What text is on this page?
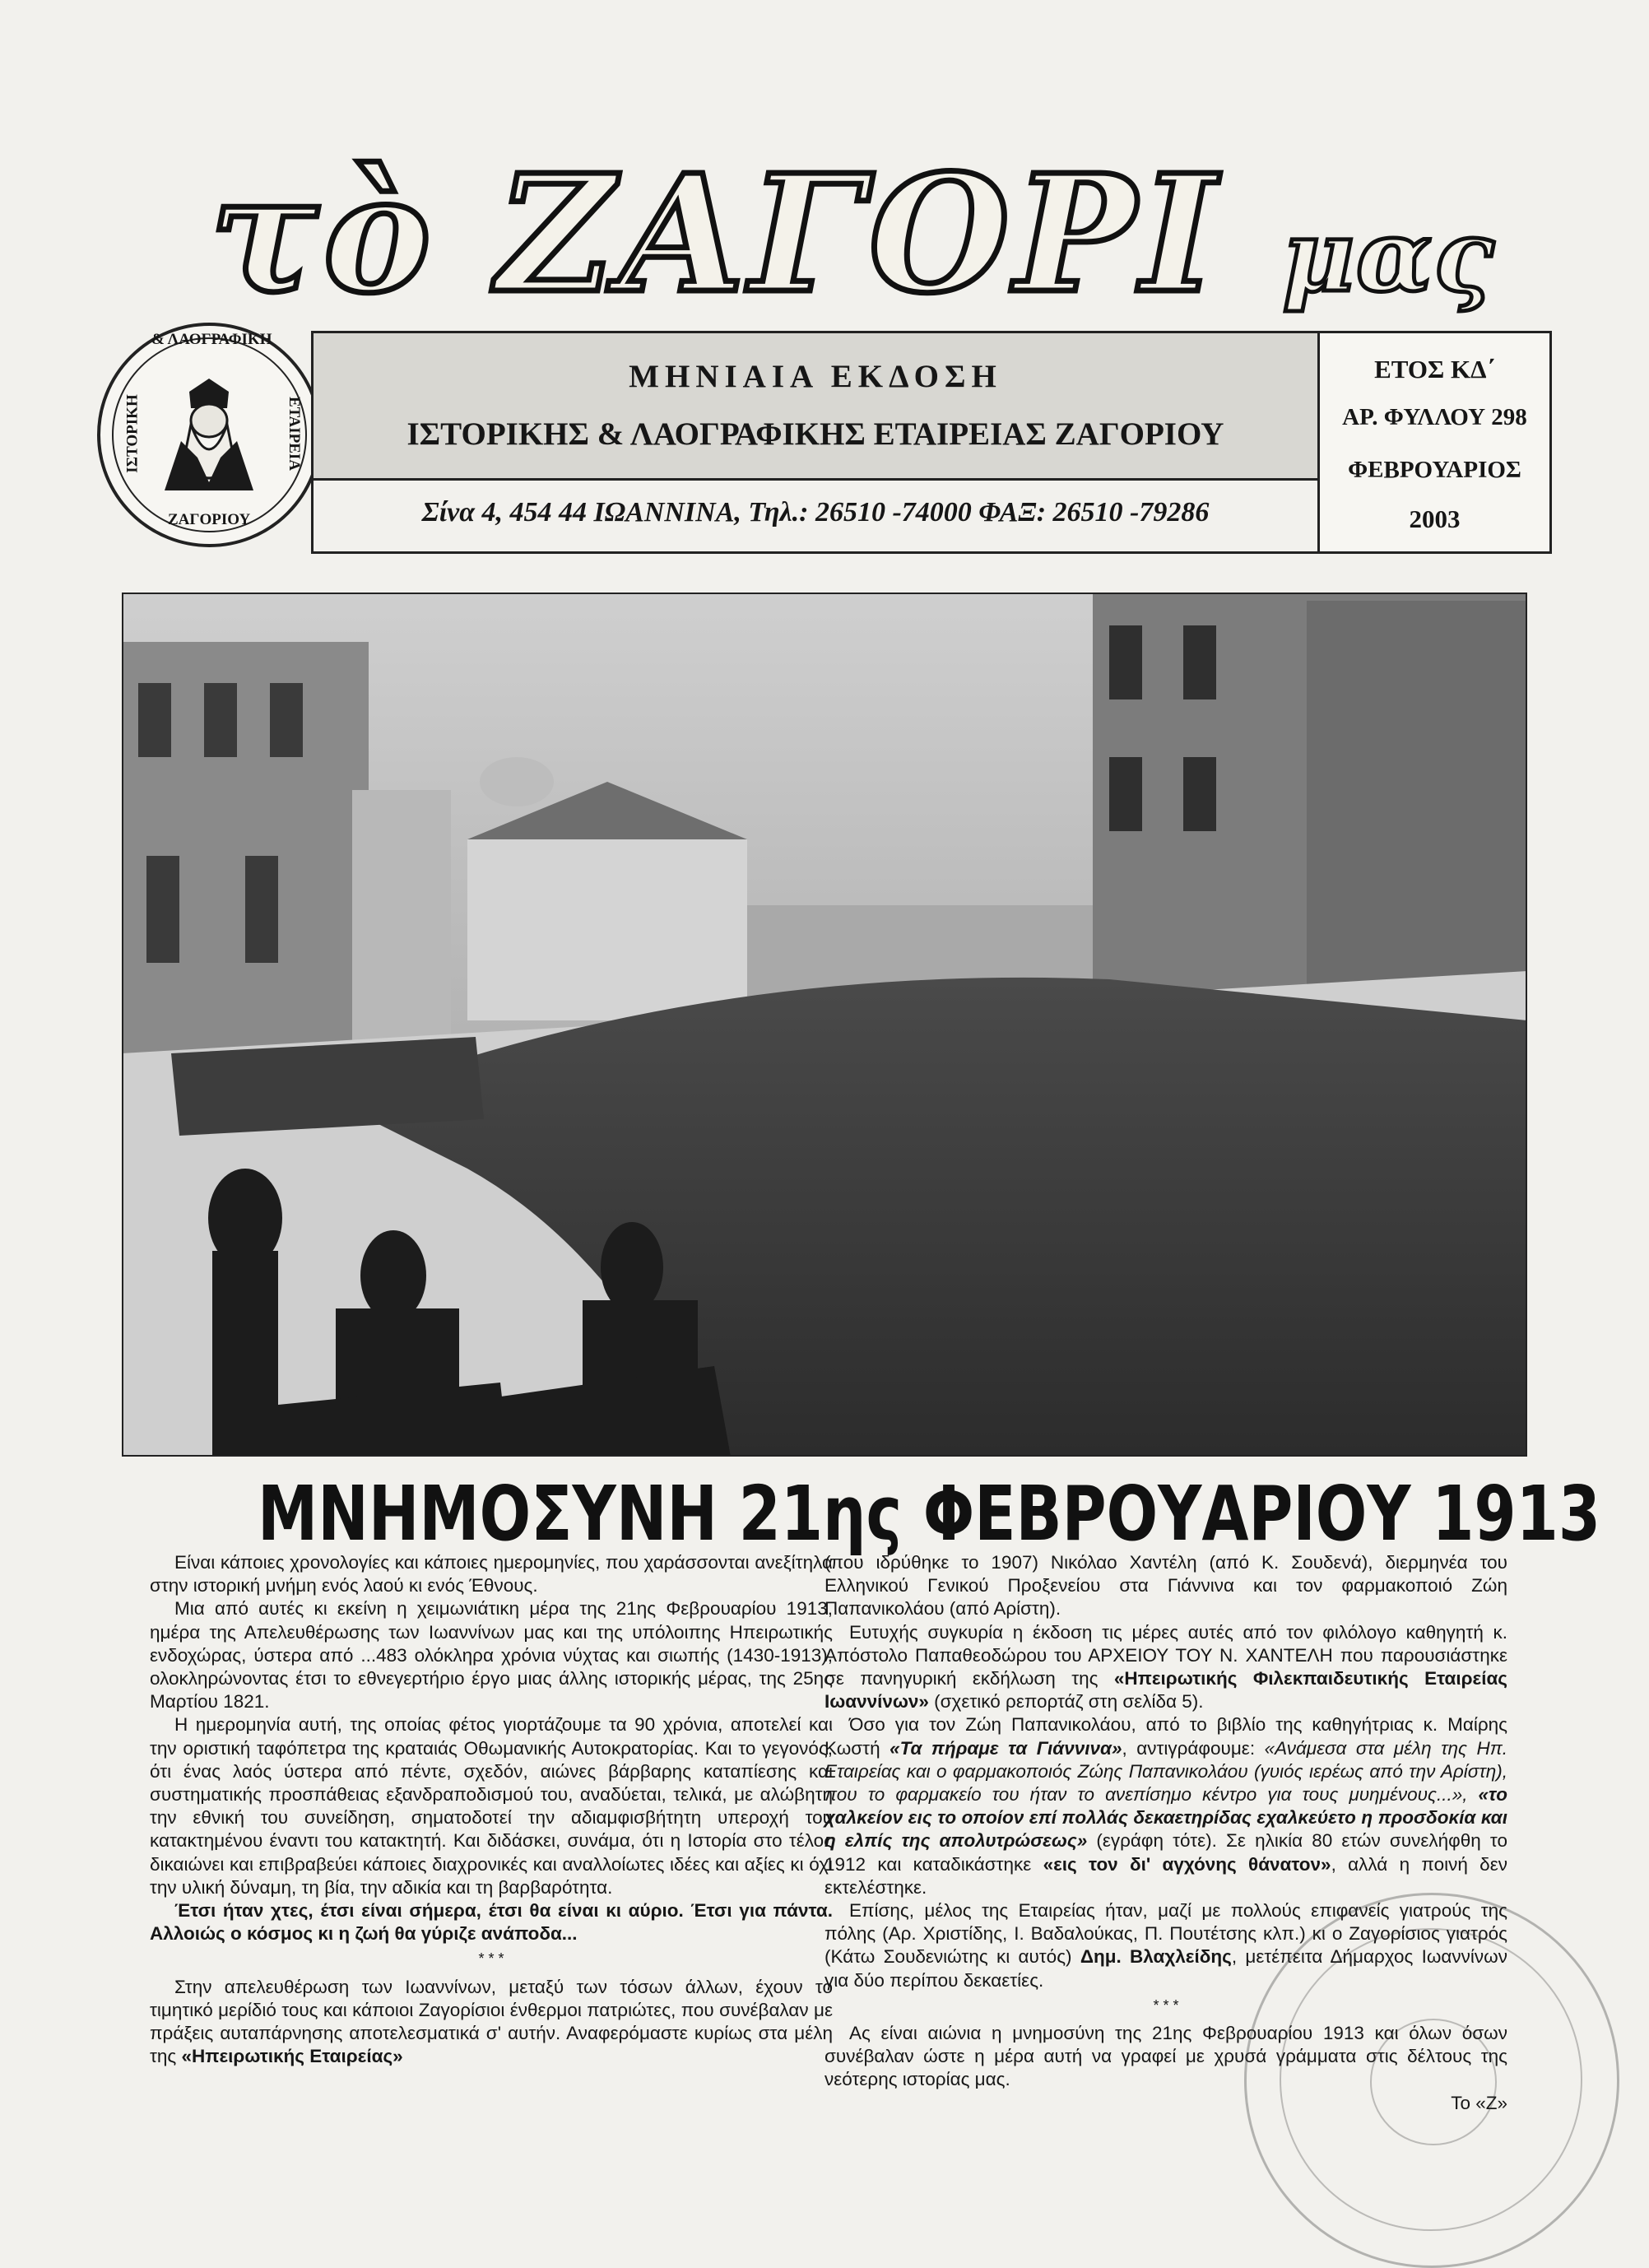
τὸ ΖΑΓΟΡΙ μας
ΙΣΤΟΡΙΚΗ
& ΛΑΟΓΡΑΦΙΚΗ
ΕΤΑΙΡΕΙΑ
ΖΑΓΟΡΙΟΥ
ΜΗΝΙΑΙΑ ΕΚΔΟΣΗ
ΙΣΤΟΡΙΚΗΣ & ΛΑΟΓΡΑΦΙΚΗΣ ΕΤΑΙΡΕΙΑΣ ΖΑΓΟΡΙΟΥ
Σίνα 4, 454 44 ΙΩΑΝΝΙΝΑ, Τηλ.: 26510 -74000 ΦΑΞ: 26510 -79286
ΕΤΟΣ ΚΔ΄
ΑΡ. ΦΥΛΛΟΥ 298
ΦΕΒΡΟΥΑΡΙΟΣ
2003
ΜΝΗΜΟΣΥΝΗ 21ης ΦΕΒΡΟΥΑΡΙΟΥ 1913

Είναι κάποιες χρονολογίες και κάποιες ημερομηνίες, που χαράσσονται ανεξίτηλα στην ιστορική μνήμη ενός λαού κι ενός Έθνους.

Μια από αυτές κι εκείνη η χειμωνιάτικη μέρα της 21ης Φεβρουαρίου 1913, ημέρα της Απελευθέρωσης των Ιωαννίνων μας και της υπόλοιπης Ηπειρωτικής ενδοχώρας, ύστερα από ...483 ολόκληρα χρόνια νύχτας και σιωπής (1430-1913), ολοκληρώνοντας έτσι το εθνεγερτήριο έργο μιας άλλης ιστορικής μέρας, της 25ης Μαρτίου 1821.

Η ημερομηνία αυτή, της οποίας φέτος γιορτάζουμε τα 90 χρόνια, αποτελεί και την οριστική ταφόπετρα της κραταιάς Οθωμανικής Αυτοκρατορίας. Και το γεγονός, ότι ένας λαός ύστερα από πέντε, σχεδόν, αιώνες βάρβαρης καταπίεσης και συστηματικής προσπάθειας εξανδραποδισμού του, αναδύεται, τελικά, με αλώβητη την εθνική του συνείδηση, σηματοδοτεί την αδιαμφισβήτητη υπεροχή του κατακτημένου έναντι του κατακτητή. Και διδάσκει, συνάμα, ότι η Ιστορία στο τέλος δικαιώνει και επιβραβεύει κάποιες διαχρονικές και αναλλοίωτες ιδέες και αξίες κι όχι την υλική δύναμη, τη βία, την αδικία και τη βαρβαρότητα.

Έτσι ήταν χτες, έτσι είναι σήμερα, έτσι θα είναι κι αύριο. Έτσι για πάντα. Αλλοιώς ο κόσμος κι η ζωή θα γύριζε ανάποδα...

* * *

Στην απελευθέρωση των Ιωαννίνων, μεταξύ των τόσων άλλων, έχουν το τιμητικό μερίδιό τους και κάποιοι Ζαγορίσιοι ένθερμοι πατριώτες, που συνέβαλαν με πράξεις αυταπάρνησης αποτελεσματικά σ' αυτήν. Αναφερόμαστε κυρίως στα μέλη της «Ηπειρωτικής Εταιρείας»

(που ιδρύθηκε το 1907) Νικόλαο Χαντέλη (από Κ. Σουδενά), διερμηνέα του Ελληνικού Γενικού Προξενείου στα Γιάννινα και τον φαρμακοποιό Ζώη Παπανικολάου (από Αρίστη).

Ευτυχής συγκυρία η έκδοση τις μέρες αυτές από τον φιλόλογο καθηγητή κ. Απόστολο Παπαθεοδώρου του ΑΡΧΕΙΟΥ ΤΟΥ Ν. ΧΑΝΤΕΛΗ που παρουσιάστηκε σε πανηγυρική εκδήλωση της «Ηπειρωτικής Φιλεκπαιδευτικής Εταιρείας Ιωαννίνων» (σχετικό ρεπορτάζ στη σελίδα 5).

Όσο για τον Ζώη Παπανικολάου, από το βιβλίο της καθηγήτριας κ. Μαίρης Κωστή «Τα πήραμε τα Γιάννινα», αντιγράφουμε: «Ανάμεσα στα μέλη της Ηπ. Εταιρείας και ο φαρμακοποιός Ζώης Παπανικολάου (γυιός ιερέως από την Αρίστη), που το φαρμακείο του ήταν το ανεπίσημο κέντρο για τους μυημένους...», «το χαλκείον εις το οποίον επί πολλάς δεκαετηρίδας εχαλκεύετο η προσδοκία και η ελπίς της απολυτρώσεως» (εγράφη τότε). Σε ηλικία 80 ετών συνελήφθη το 1912 και καταδικάστηκε «εις τον δι' αγχόνης θάνατον», αλλά η ποινή δεν εκτελέστηκε.

Επίσης, μέλος της Εταιρείας ήταν, μαζί με πολλούς επιφανείς γιατρούς της πόλης (Αρ. Χριστίδης, Ι. Βαδαλούκας, Π. Πουτέτσης κλπ.) κι ο Ζαγορίσιος γιατρός (Κάτω Σουδενιώτης κι αυτός) Δημ. Βλαχλείδης, μετέπειτα Δήμαρχος Ιωαννίνων για δύο περίπου δεκαετίες.

* * *

Ας είναι αιώνια η μνημοσύνη της 21ης Φεβρουαρίου 1913 και όλων όσων συνέβαλαν ώστε η μέρα αυτή να γραφεί με χρυσά γράμματα στις δέλτους της νεότερης ιστορίας μας.

Το «Ζ»
